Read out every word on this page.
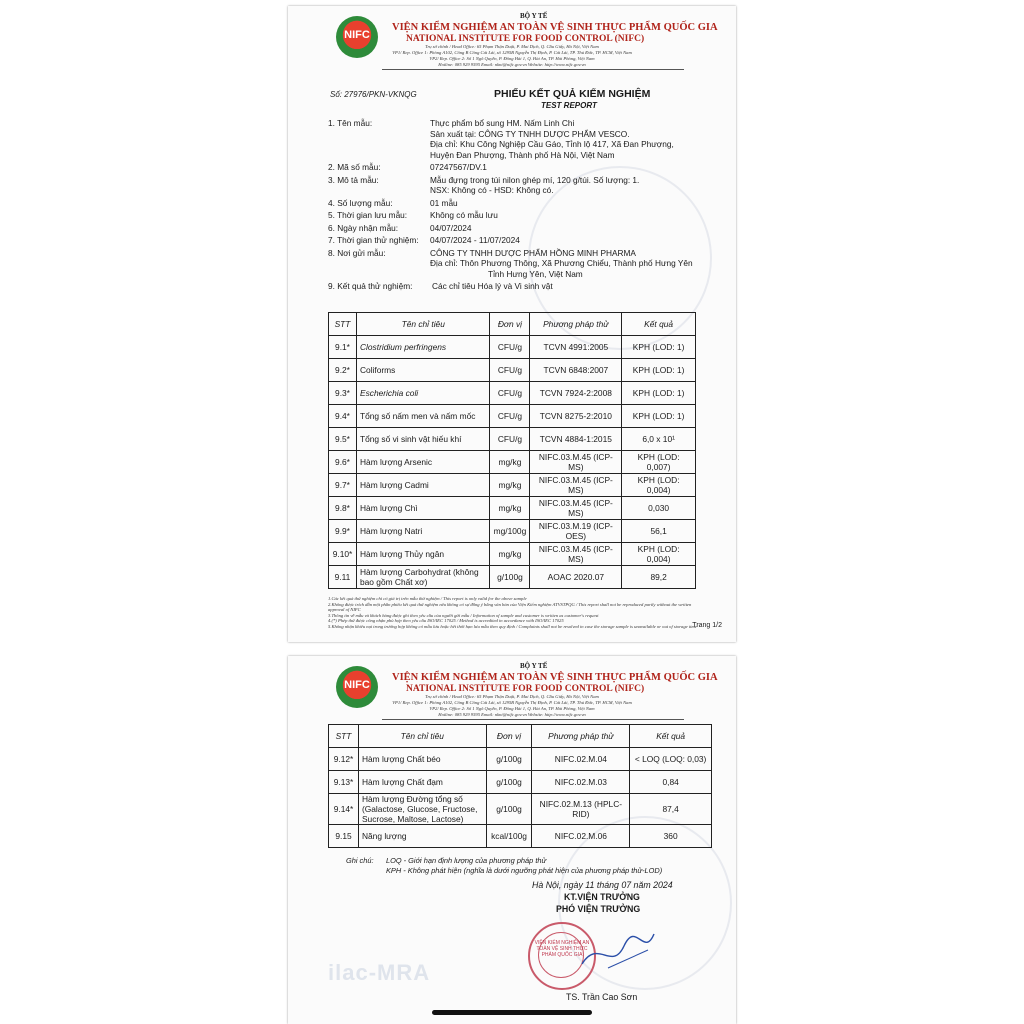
NIFC
BỘ Y TẾ
VIỆN KIỂM NGHIỆM AN TOÀN VỆ SINH THỰC PHẨM QUỐC GIA
NATIONAL INSTITUTE FOR FOOD CONTROL (NIFC)
Trụ sở chính / Head Office: 65 Phạm Thận Duật, P. Mai Dịch, Q. Cầu Giấy, Hà Nội, Việt Nam
VP1/ Rep. Office 1: Phòng A102, Công B Công Cát Lái, số 1295B Nguyễn Thị Định, P. Cát Lái, TP. Thủ Đức, TP. HCM, Việt Nam
VP2/ Rep. Office 2: Số 1 Ngô Quyền, P. Đông Hải 1, Q. Hải An, TP. Hải Phòng, Việt Nam
Hotline: 085 929 9595 Email: nkni@nifc.gov.vn Website: http://www.nifc.gov.vn
Số: 27976/PKN-VKNQG	PHIẾU KẾT QUẢ KIỂM NGHIỆM
TEST REPORT
1. Tên mẫu:	Thực phẩm bổ sung HM. Nấm Linh Chi
Sản xuất tại: CÔNG TY TNHH DƯỢC PHẨM VESCO.
Địa chỉ: Khu Công Nghiệp Cầu Gáo, Tỉnh lộ 417, Xã Đan Phượng,
Huyện Đan Phượng, Thành phố Hà Nội, Việt Nam
2. Mã số mẫu:	07247567/DV.1
3. Mô tả mẫu:	Mẫu đựng trong túi nilon ghép mí, 120 g/túi. Số lượng: 1.
NSX: Không có - HSD: Không có.
4. Số lượng mẫu:	01 mẫu
5. Thời gian lưu mẫu:	Không có mẫu lưu
6. Ngày nhận mẫu:	04/07/2024
7. Thời gian thử nghiệm: 04/07/2024 - 11/07/2024
8. Nơi gửi mẫu:	CÔNG TY TNHH DƯỢC PHẨM HỒNG MINH PHARMA
Địa chỉ: Thôn Phương Thông, Xã Phương Chiểu, Thành phố Hưng Yên
Tỉnh Hưng Yên, Việt Nam
9. Kết quả thử nghiệm: Các chỉ tiêu Hóa lý và Vi sinh vật
STT	Tên chỉ tiêu	Đơn vị	Phương pháp thử	Kết quả
9.1*	Clostridium perfringens	CFU/g	TCVN 4991:2005	KPH (LOD: 1)
9.2*	Coliforms	CFU/g	TCVN 6848:2007	KPH (LOD: 1)
9.3*	Escherichia coli	CFU/g	TCVN 7924-2:2008	KPH (LOD: 1)
9.4*	Tổng số nấm men và nấm mốc	CFU/g	TCVN 8275-2:2010	KPH (LOD: 1)
9.5*	Tổng số vi sinh vật hiếu khí	CFU/g	TCVN 4884-1:2015	6,0 x 10¹
9.6*	Hàm lượng Arsenic	mg/kg	NIFC.03.M.45 (ICP-MS)	KPH (LOD: 0,007)
9.7*	Hàm lượng Cadmi	mg/kg	NIFC.03.M.45 (ICP-MS)	KPH (LOD: 0,004)
9.8*	Hàm lượng Chì	mg/kg	NIFC.03.M.45 (ICP-MS)	0,030
9.9*	Hàm lượng Natri	mg/100g	NIFC.03.M.19 (ICP-OES)	56,1
9.10*	Hàm lượng Thủy ngân	mg/kg	NIFC.03.M.45 (ICP-MS)	KPH (LOD: 0,004)
9.11	Hàm lượng Carbohydrat (không bao gồm Chất xơ)	g/100g	AOAC 2020.07	89,2
1.Các kết quả thử nghiệm chỉ có giá trị trên mẫu thử nghiệm / This report is only valid for the above sample
2.Không được trích dẫn một phần phiếu kết quả thử nghiệm nếu không có sự đồng ý bằng văn bản của Viện Kiểm nghiệm ATVSTPQG / This report shall not be reproduced partly without the written approval of NIFC
3.Thông tin về mẫu và khách hàng được ghi theo yêu cầu của người gửi mẫu / Information of sample and customer is written as customer's request
4.(*) Phép thử được công nhận phù hợp theo yêu cầu ISO/IEC 17025 / Method is accredited in accordance with ISO/IEC 17025
5.Không nhận khiếu nại trong trường hợp không có mẫu lưu hoặc hết thời hạn lưu mẫu theo quy định / Complaints shall not be resolved in case the storage sample is unavailable or out of storage time
Trang 1/2
NIFC
BỘ Y TẾ
VIỆN KIỂM NGHIỆM AN TOÀN VỆ SINH THỰC PHẨM QUỐC GIA
NATIONAL INSTITUTE FOR FOOD CONTROL (NIFC)
Trụ sở chính / Head Office: 65 Phạm Thận Duật, P. Mai Dịch, Q. Cầu Giấy, Hà Nội, Việt Nam
VP1/ Rep. Office 1: Phòng A102, Công B Công Cát Lái, số 1295B Nguyễn Thị Định, P. Cát Lái, TP. Thủ Đức, TP. HCM, Việt Nam
VP2/ Rep. Office 2: Số 1 Ngô Quyền, P. Đông Hải 1, Q. Hải An, TP. Hải Phòng, Việt Nam
Hotline: 085 929 9595 Email: nkni@nifc.gov.vn Website: http://www.nifc.gov.vn
STT	Tên chỉ tiêu	Đơn vị	Phương pháp thử	Kết quả
9.12*	Hàm lượng Chất béo	g/100g	NIFC.02.M.04	< LOQ (LOQ: 0,03)
9.13*	Hàm lượng Chất đạm	g/100g	NIFC.02.M.03	0,84
9.14*	Hàm lượng Đường tổng số (Galactose, Glucose, Fructose, Sucrose, Maltose, Lactose)	g/100g	NIFC.02.M.13 (HPLC-RID)	87,4
9.15	Năng lượng	kcal/100g	NIFC.02.M.06	360
Ghi chú: LOQ - Giới hạn định lượng của phương pháp thử
KPH - Không phát hiện (nghĩa là dưới ngưỡng phát hiện của phương pháp thử-LOD)
Hà Nội, ngày 11 tháng 07 năm 2024
KT.VIỆN TRƯỞNG
PHÓ VIỆN TRƯỞNG
ilac-MRA
VIỆN KIỂM NGHIỆM AN TOÀN VỆ SINH THỰC PHẨM QUỐC GIA
TS. Trần Cao Sơn
